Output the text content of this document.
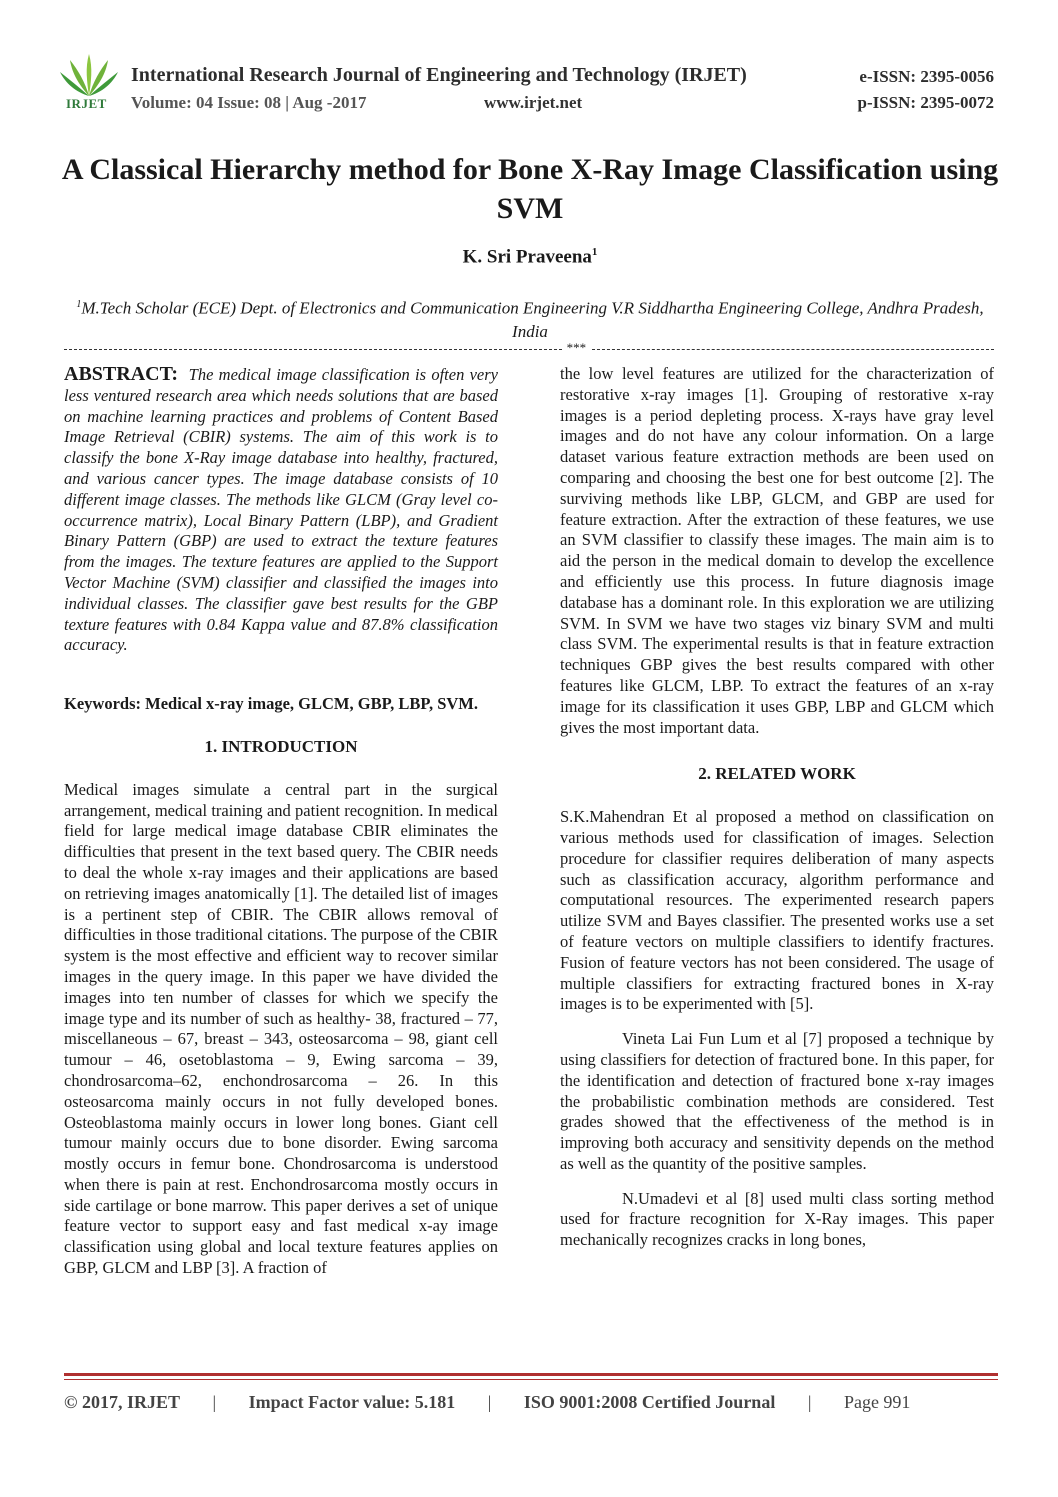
IRJET
International Research Journal of Engineering and Technology (IRJET)
Volume: 04 Issue: 08 | Aug -2017	www.irjet.net
e-ISSN: 2395-0056
p-ISSN: 2395-0072
A Classical Hierarchy method for Bone X-Ray Image Classification using SVM
K. Sri Praveena$^1$
$^1$M.Tech Scholar (ECE) Dept. of Electronics and Communication Engineering V.R Siddhartha Engineering College, Andhra Pradesh, India
***

ABSTRACT: The medical image classification is often very less ventured research area which needs solutions that are based on machine learning practices and problems of Content Based Image Retrieval (CBIR) systems. The aim of this work is to classify the bone X-Ray image database into healthy, fractured, and various cancer types. The image database consists of 10 different image classes. The methods like GLCM (Gray level co-occurrence matrix), Local Binary Pattern (LBP), and Gradient Binary Pattern (GBP) are used to extract the texture features from the images. The texture features are applied to the Support Vector Machine (SVM) classifier and classified the images into individual classes. The classifier gave best results for the GBP texture features with 0.84 Kappa value and 87.8% classification accuracy.

Keywords: Medical x-ray image, GLCM, GBP, LBP, SVM.

1. INTRODUCTION

Medical images simulate a central part in the surgical arrangement, medical training and patient recognition. In medical field for large medical image database CBIR eliminates the difficulties that present in the text based query. The CBIR needs to deal the whole x-ray images and their applications are based on retrieving images anatomically [1]. The detailed list of images is a pertinent step of CBIR. The CBIR allows removal of difficulties in those traditional citations. The purpose of the CBIR system is the most effective and efficient way to recover similar images in the query image. In this paper we have divided the images into ten number of classes for which we specify the image type and its number of such as healthy- 38, fractured – 77, miscellaneous – 67, breast – 343, osteosarcoma – 98, giant cell tumour – 46, osetoblastoma – 9, Ewing sarcoma – 39, chondrosarcoma–62, enchondrosarcoma – 26. In this osteosarcoma mainly occurs in not fully developed bones. Osteoblastoma mainly occurs in lower long bones. Giant cell tumour mainly occurs due to bone disorder. Ewing sarcoma mostly occurs in femur bone. Chondrosarcoma is understood when there is pain at rest. Enchondrosarcoma mostly occurs in side cartilage or bone marrow. This paper derives a set of unique feature vector to support easy and fast medical x-ay image classification using global and local texture features applies on GBP, GLCM and LBP [3]. A fraction of

the low level features are utilized for the characterization of restorative x-ray images [1]. Grouping of restorative x-ray images is a period depleting process. X-rays have gray level images and do not have any colour information. On a large dataset various feature extraction methods are been used on comparing and choosing the best one for best outcome [2]. The surviving methods like LBP, GLCM, and GBP are used for feature extraction. After the extraction of these features, we use an SVM classifier to classify these images. The main aim is to aid the person in the medical domain to develop the excellence and efficiently use this process. In future diagnosis image database has a dominant role. In this exploration we are utilizing SVM. In SVM we have two stages viz binary SVM and multi class SVM. The experimental results is that in feature extraction techniques GBP gives the best results compared with other features like GLCM, LBP. To extract the features of an x-ray image for its classification it uses GBP, LBP and GLCM which gives the most important data.

2. RELATED WORK

S.K.Mahendran Et al proposed a method on classification on various methods used for classification of images. Selection procedure for classifier requires deliberation of many aspects such as classification accuracy, algorithm performance and computational resources. The experimented research papers utilize SVM and Bayes classifier. The presented works use a set of feature vectors on multiple classifiers to identify fractures. Fusion of feature vectors has not been considered. The usage of multiple classifiers for extracting fractured bones in X-ray images is to be experimented with [5].

Vineta Lai Fun Lum et al [7] proposed a technique by using classifiers for detection of fractured bone. In this paper, for the identification and detection of fractured bone x-ray images the probabilistic combination methods are considered. Test grades showed that the effectiveness of the method is in improving both accuracy and sensitivity depends on the method as well as the quantity of the positive samples.

N.Umadevi et al [8] used multi class sorting method used for fracture recognition for X-Ray images. This paper mechanically recognizes cracks in long bones,

© 2017, IRJET | Impact Factor value: 5.181 | ISO 9001:2008 Certified Journal | Page 991
